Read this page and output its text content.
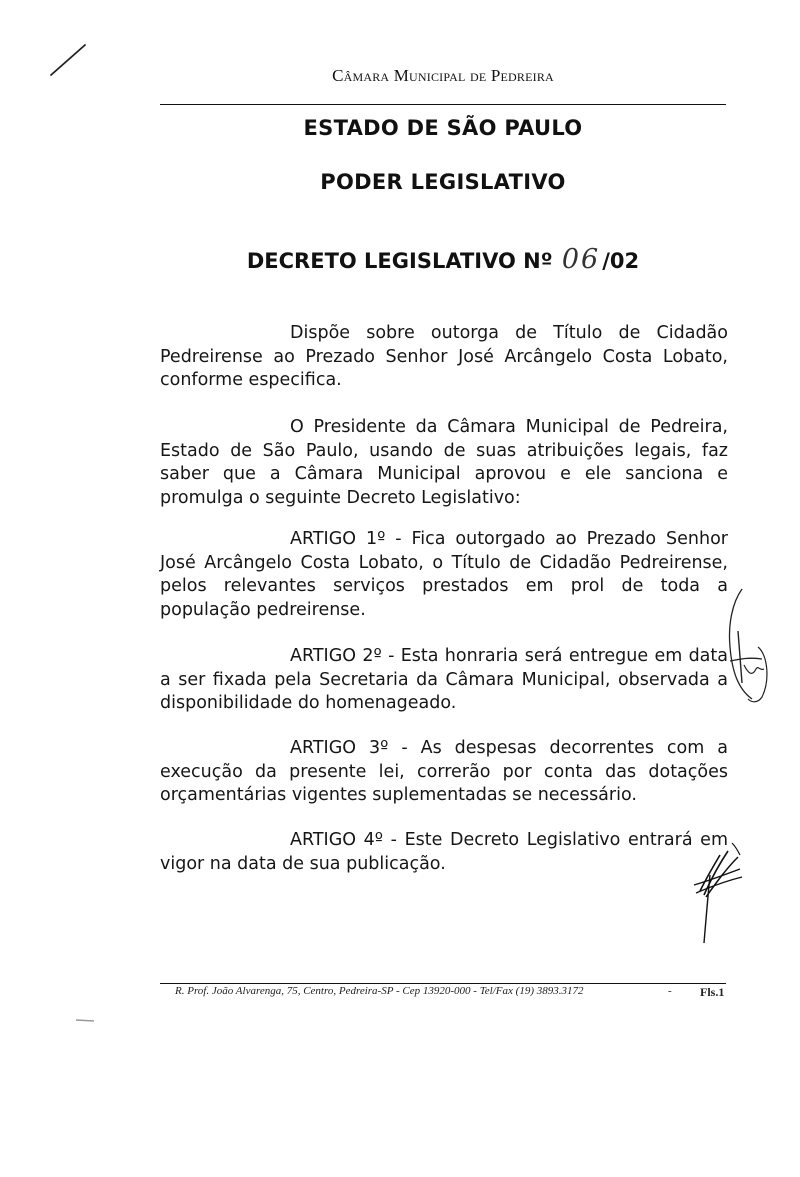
Câmara Municipal de Pedreira
ESTADO DE SÃO PAULO
PODER LEGISLATIVO
DECRETO LEGISLATIVO Nº 06/02
Dispõe sobre outorga de Título de Cidadão Pedreirense ao Prezado Senhor José Arcângelo Costa Lobato, conforme especifica.
O Presidente da Câmara Municipal de Pedreira, Estado de São Paulo, usando de suas atribuições legais, faz saber que a Câmara Municipal aprovou e ele sanciona e promulga o seguinte Decreto Legislativo:
ARTIGO 1º - Fica outorgado ao Prezado Senhor José Arcângelo Costa Lobato, o Título de Cidadão Pedreirense, pelos relevantes serviços prestados em prol de toda a população pedreirense.
ARTIGO 2º - Esta honraria será entregue em data a ser fixada pela Secretaria da Câmara Municipal, observada a disponibilidade do homenageado.
ARTIGO 3º - As despesas decorrentes com a execução da presente lei, correrão por conta das dotações orçamentárias vigentes suplementadas se necessário.
ARTIGO 4º - Este Decreto Legislativo entrará em vigor na data de sua publicação.
R. Prof. João Alvarenga, 75, Centro, Pedreira-SP - Cep 13920-000 - Tel/Fax (19) 3893.3172	- Fls.1
